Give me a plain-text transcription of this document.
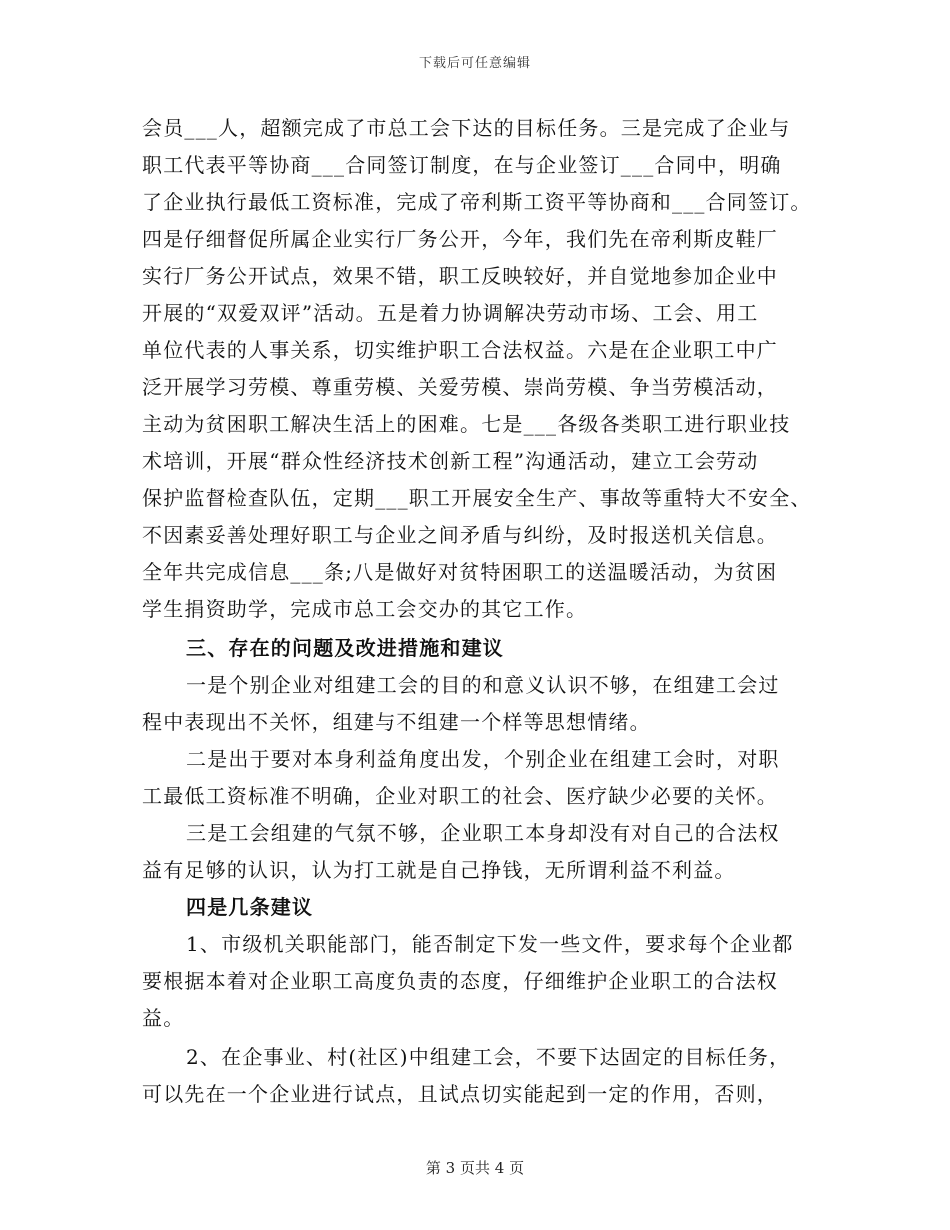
下载后可任意编辑
会员___人，超额完成了市总工会下达的目标任务。三是完成了企业与
职工代表平等协商___合同签订制度，在与企业签订___合同中，明确
了企业执行最低工资标准，完成了帝利斯工资平等协商和___合同签订。
四是仔细督促所属企业实行厂务公开，今年，我们先在帝利斯皮鞋厂
实行厂务公开试点，效果不错，职工反映较好，并自觉地参加企业中
开展的“双爱双评”活动。五是着力协调解决劳动市场、工会、用工
单位代表的人事关系，切实维护职工合法权益。六是在企业职工中广
泛开展学习劳模、尊重劳模、关爱劳模、崇尚劳模、争当劳模活动，
主动为贫困职工解决生活上的困难。七是___各级各类职工进行职业技
术培训，开展“群众性经济技术创新工程”沟通活动，建立工会劳动
保护监督检查队伍，定期___职工开展安全生产、事故等重特大不安全、
不因素妥善处理好职工与企业之间矛盾与纠纷，及时报送机关信息。
全年共完成信息___条;八是做好对贫特困职工的送温暖活动，为贫困
学生捐资助学，完成市总工会交办的其它工作。
三、存在的问题及改进措施和建议
一是个别企业对组建工会的目的和意义认识不够，在组建工会过
程中表现出不关怀，组建与不组建一个样等思想情绪。
二是出于要对本身利益角度出发，个别企业在组建工会时，对职
工最低工资标准不明确，企业对职工的社会、医疗缺少必要的关怀。
三是工会组建的气氛不够，企业职工本身却没有对自己的合法权
益有足够的认识，认为打工就是自己挣钱，无所谓利益不利益。
四是几条建议
1、市级机关职能部门，能否制定下发一些文件，要求每个企业都
要根据本着对企业职工高度负责的态度，仔细维护企业职工的合法权
益。
2、在企事业、村(社区)中组建工会，不要下达固定的目标任务，
可以先在一个企业进行试点，且试点切实能起到一定的作用，否则，
第 3 页共 4 页
